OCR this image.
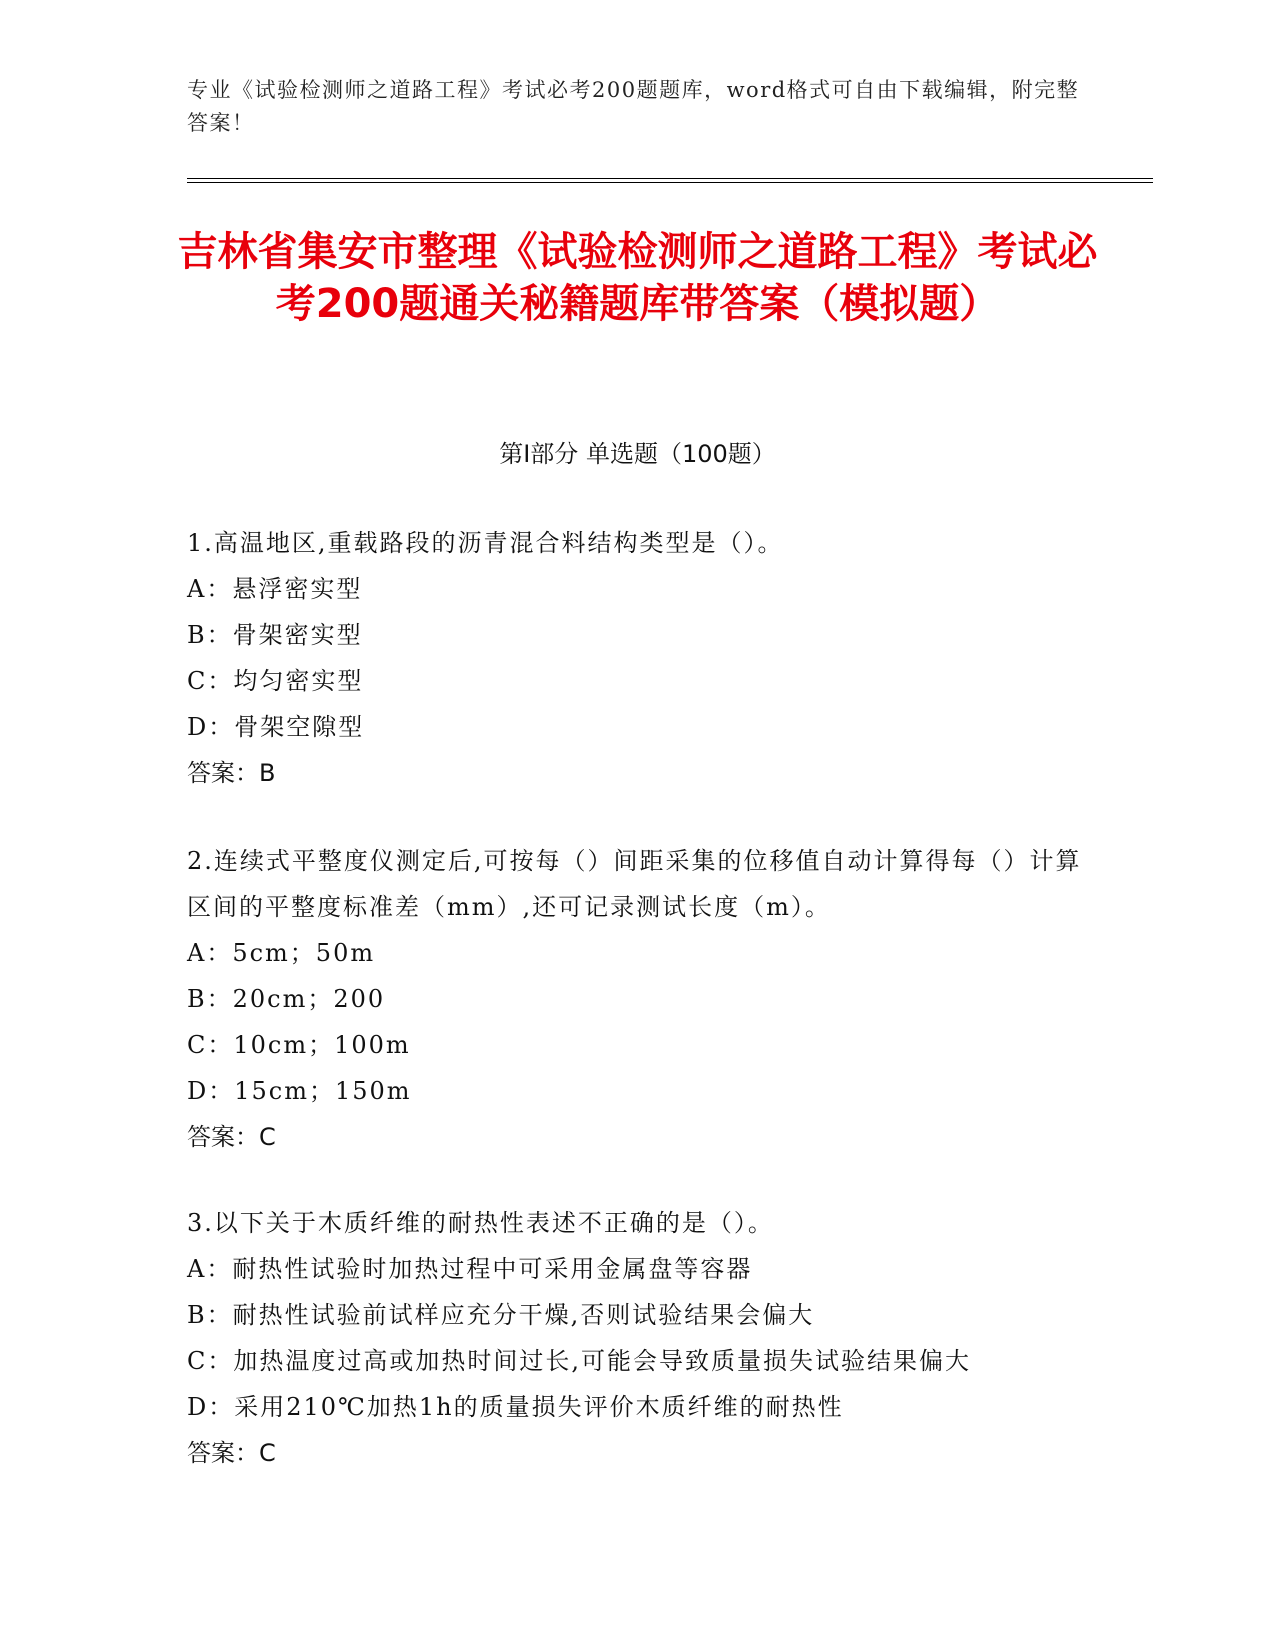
专业《试验检测师之道路工程》考试必考200题题库，word格式可自由下载编辑，附完整答案！
吉林省集安市整理《试验检测师之道路工程》考试必考200题通关秘籍题库带答案（模拟题）
第I部分 单选题（100题）
1.高温地区,重载路段的沥青混合料结构类型是（）。
A：悬浮密实型
B：骨架密实型
C：均匀密实型
D：骨架空隙型
答案：B
2.连续式平整度仪测定后,可按每（）间距采集的位移值自动计算得每（）计算区间的平整度标准差（mm）,还可记录测试长度（m）。
A：5cm；50m
B：20cm；200
C：10cm；100m
D：15cm；150m
答案：C
3.以下关于木质纤维的耐热性表述不正确的是（）。
A：耐热性试验时加热过程中可采用金属盘等容器
B：耐热性试验前试样应充分干燥,否则试验结果会偏大
C：加热温度过高或加热时间过长,可能会导致质量损失试验结果偏大
D：采用210℃加热1h的质量损失评价木质纤维的耐热性
答案：C
